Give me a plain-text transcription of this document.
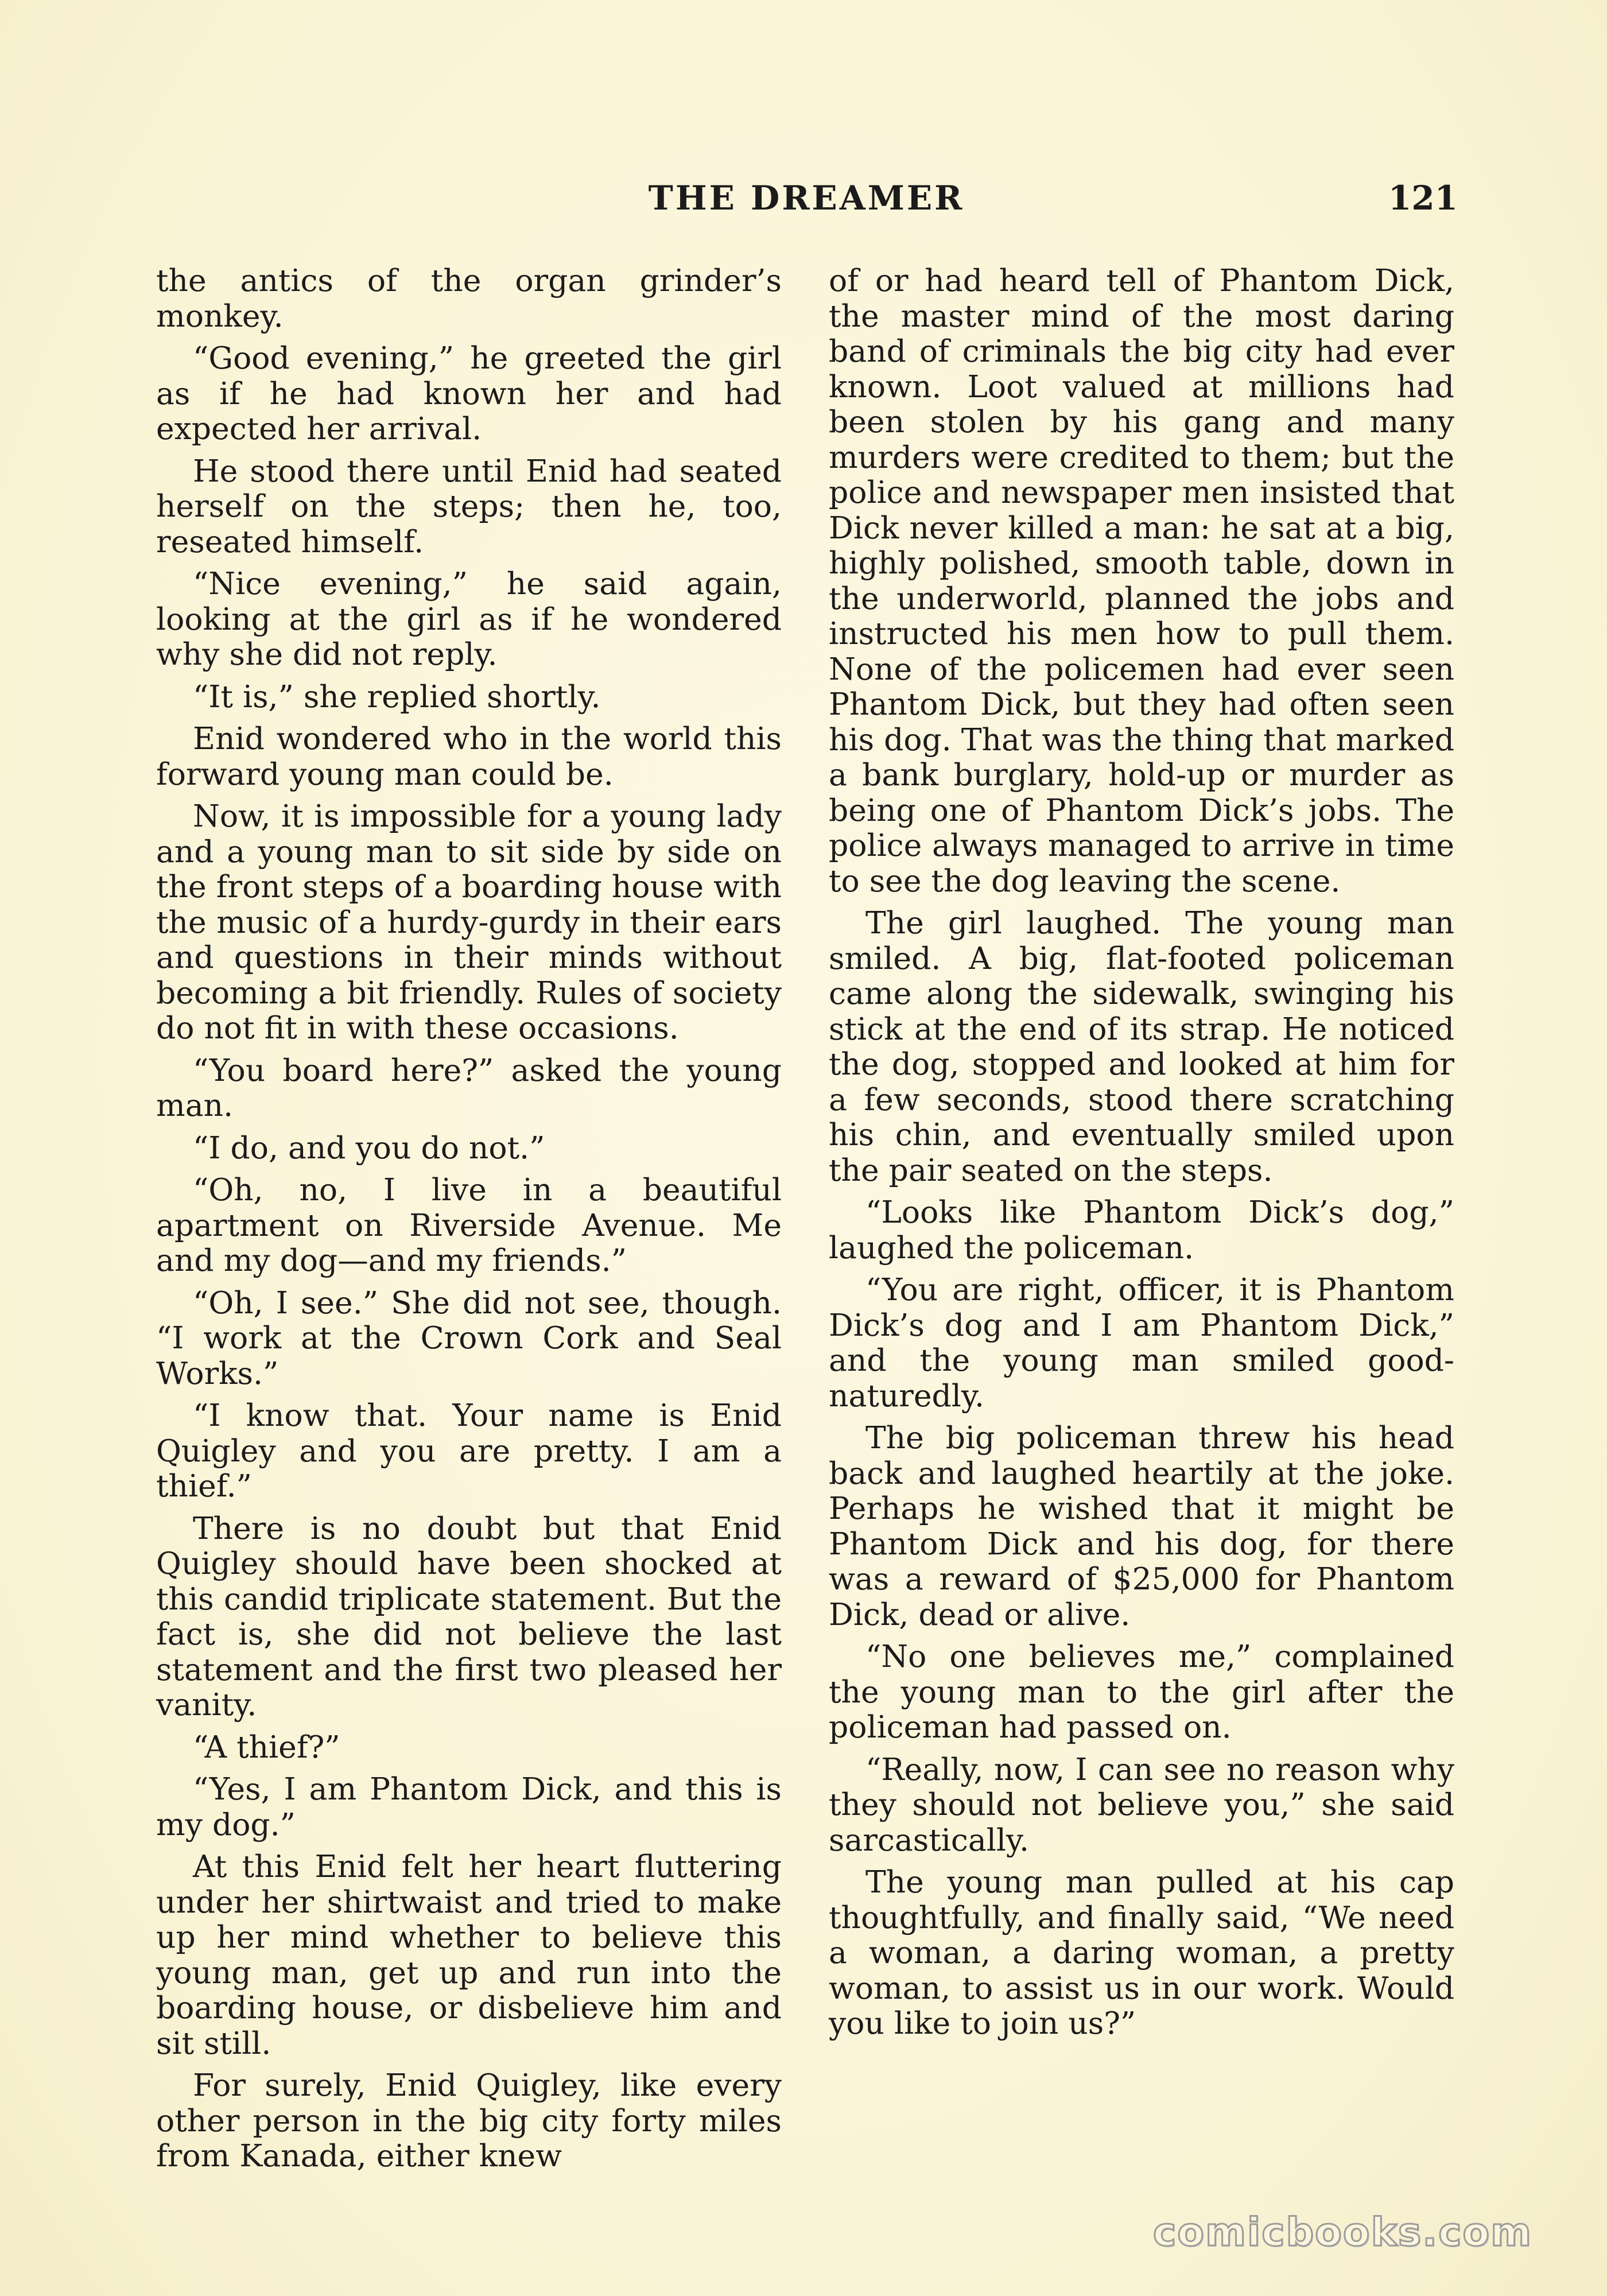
THE DREAMER	121

the antics of the organ grinder’s monkey.

“Good evening,” he greeted the girl as if he had known her and had expected her arrival.

He stood there until Enid had seated herself on the steps; then he, too, reseated himself.

“Nice evening,” he said again, looking at the girl as if he wondered why she did not reply.

“It is,” she replied shortly.

Enid wondered who in the world this forward young man could be.

Now, it is impossible for a young lady and a young man to sit side by side on the front steps of a boarding house with the music of a hurdy-gurdy in their ears and questions in their minds without becoming a bit friendly. Rules of society do not fit in with these occasions.

“You board here?” asked the young man.

“I do, and you do not.”

“Oh, no, I live in a beautiful apartment on Riverside Avenue. Me and my dog—and my friends.”

“Oh, I see.” She did not see, though. “I work at the Crown Cork and Seal Works.”

“I know that. Your name is Enid Quigley and you are pretty. I am a thief.”

There is no doubt but that Enid Quigley should have been shocked at this candid triplicate statement. But the fact is, she did not believe the last statement and the first two pleased her vanity.

“A thief?”

“Yes, I am Phantom Dick, and this is my dog.”

At this Enid felt her heart fluttering under her shirtwaist and tried to make up her mind whether to believe this young man, get up and run into the boarding house, or disbelieve him and sit still.

For surely, Enid Quigley, like every other person in the big city forty miles from Kanada, either knew

of or had heard tell of Phantom Dick, the master mind of the most daring band of criminals the big city had ever known. Loot valued at millions had been stolen by his gang and many murders were credited to them; but the police and newspaper men insisted that Dick never killed a man: he sat at a big, highly polished, smooth table, down in the underworld, planned the jobs and instructed his men how to pull them. None of the policemen had ever seen Phantom Dick, but they had often seen his dog. That was the thing that marked a bank burglary, hold-up or murder as being one of Phantom Dick’s jobs. The police always managed to arrive in time to see the dog leaving the scene.

The girl laughed. The young man smiled. A big, flat-footed policeman came along the sidewalk, swinging his stick at the end of its strap. He noticed the dog, stopped and looked at him for a few seconds, stood there scratching his chin, and eventually smiled upon the pair seated on the steps.

“Looks like Phantom Dick’s dog,” laughed the policeman.

“You are right, officer, it is Phantom Dick’s dog and I am Phantom Dick,” and the young man smiled good-naturedly.

The big policeman threw his head back and laughed heartily at the joke. Perhaps he wished that it might be Phantom Dick and his dog, for there was a reward of $25,000 for Phantom Dick, dead or alive.

“No one believes me,” complained the young man to the girl after the policeman had passed on.

“Really, now, I can see no reason why they should not believe you,” she said sarcastically.

The young man pulled at his cap thoughtfully, and finally said, “We need a woman, a daring woman, a pretty woman, to assist us in our work. Would you like to join us?”

comicbooks.com
